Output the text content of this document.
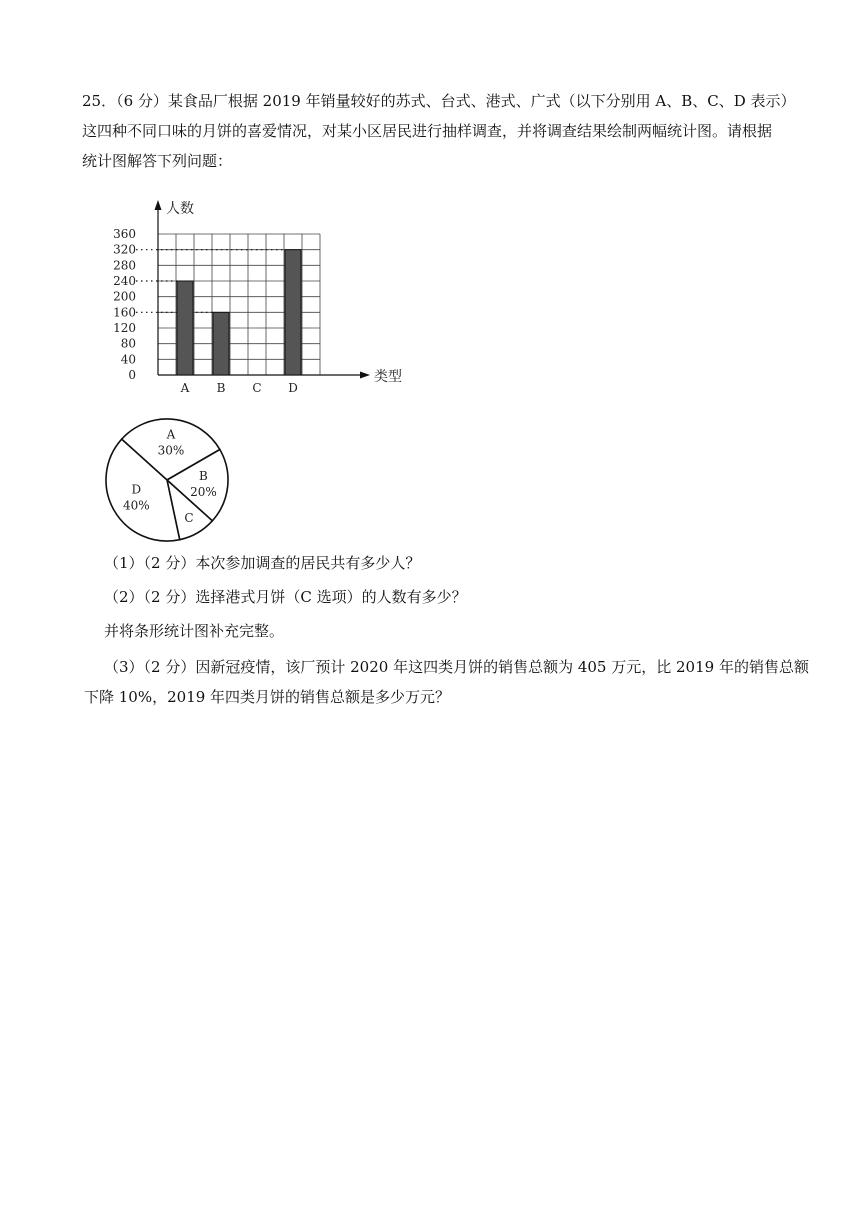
25．（6 分）某食品厂根据 2019 年销量较好的苏式、台式、港式、广式（以下分别用 A、B、C、D 表示）
这四种不同口味的月饼的喜爱情况，对某小区居民进行抽样调查，并将调查结果绘制两幅统计图。请根据
统计图解答下列问题：
人数
类型
0
40
80
120
160
200
240
280
320
360
A B C D
A
30%
B
20%
C
D
40%
（1）（2 分）本次参加调查的居民共有多少人？
（2）（2 分）选择港式月饼（C 选项）的人数有多少？
并将条形统计图补充完整。
（3）（2 分）因新冠疫情，该厂预计 2020 年这四类月饼的销售总额为 405 万元，比 2019 年的销售总额
下降 10%，2019 年四类月饼的销售总额是多少万元？
